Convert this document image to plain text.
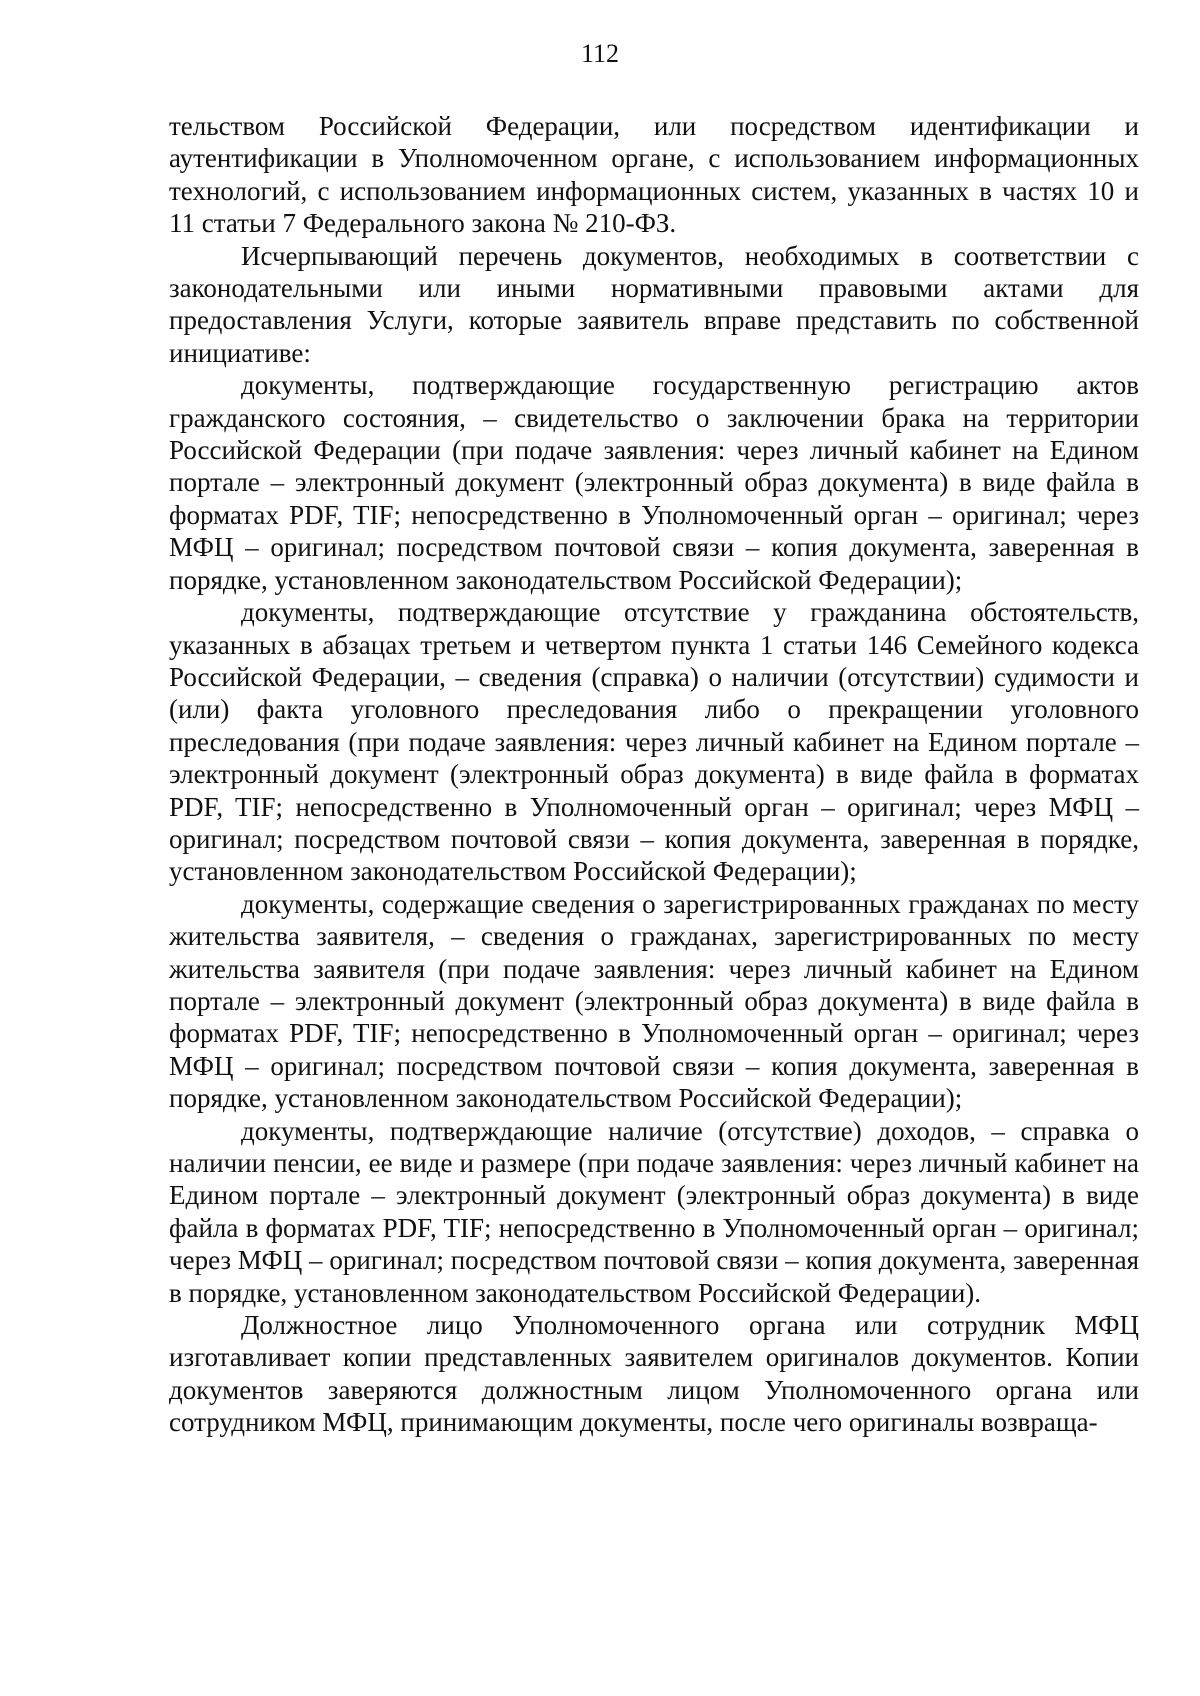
112

тельством Российской Федерации, или посредством идентификации и аутентификации в Уполномоченном органе, с использованием информационных технологий, с использованием информационных систем, указанных в частях 10 и 11 статьи 7 Федерального закона № 210-ФЗ.

Исчерпывающий перечень документов, необходимых в соответствии с законодательными или иными нормативными правовыми актами для предоставления Услуги, которые заявитель вправе представить по собственной инициативе:

документы, подтверждающие государственную регистрацию актов гражданского состояния, – свидетельство о заключении брака на территории Российской Федерации (при подаче заявления: через личный кабинет на Едином портале – электронный документ (электронный образ документа) в виде файла в форматах PDF, TIF; непосредственно в Уполномоченный орган – оригинал; через МФЦ – оригинал; посредством почтовой связи – копия документа, заверенная в порядке, установленном законодательством Российской Федерации);

документы, подтверждающие отсутствие у гражданина обстоятельств, указанных в абзацах третьем и четвертом пункта 1 статьи 146 Семейного кодекса Российской Федерации, – сведения (справка) о наличии (отсутствии) судимости и (или) факта уголовного преследования либо о прекращении уголовного преследования (при подаче заявления: через личный кабинет на Едином портале – электронный документ (электронный образ документа) в виде файла в форматах PDF, TIF; непосредственно в Уполномоченный орган – оригинал; через МФЦ – оригинал; посредством почтовой связи – копия документа, заверенная в порядке, установленном законодательством Российской Федерации);

документы, содержащие сведения о зарегистрированных гражданах по месту жительства заявителя, – сведения о гражданах, зарегистрированных по месту жительства заявителя (при подаче заявления: через личный кабинет на Едином портале – электронный документ (электронный образ документа) в виде файла в форматах PDF, TIF; непосредственно в Уполномоченный орган – оригинал; через МФЦ – оригинал; посредством почтовой связи – копия документа, заверенная в порядке, установленном законодательством Российской Федерации);

документы, подтверждающие наличие (отсутствие) доходов, – справка о наличии пенсии, ее виде и размере (при подаче заявления: через личный кабинет на Едином портале – электронный документ (электронный образ документа) в виде файла в форматах PDF, TIF; непосредственно в Уполномоченный орган – оригинал; через МФЦ – оригинал; посредством почтовой связи – копия документа, заверенная в порядке, установленном законодательством Российской Федерации).

Должностное лицо Уполномоченного органа или сотрудник МФЦ изготавливает копии представленных заявителем оригиналов документов. Копии документов заверяются должностным лицом Уполномоченного органа или сотрудником МФЦ, принимающим документы, после чего оригиналы возвраща-
